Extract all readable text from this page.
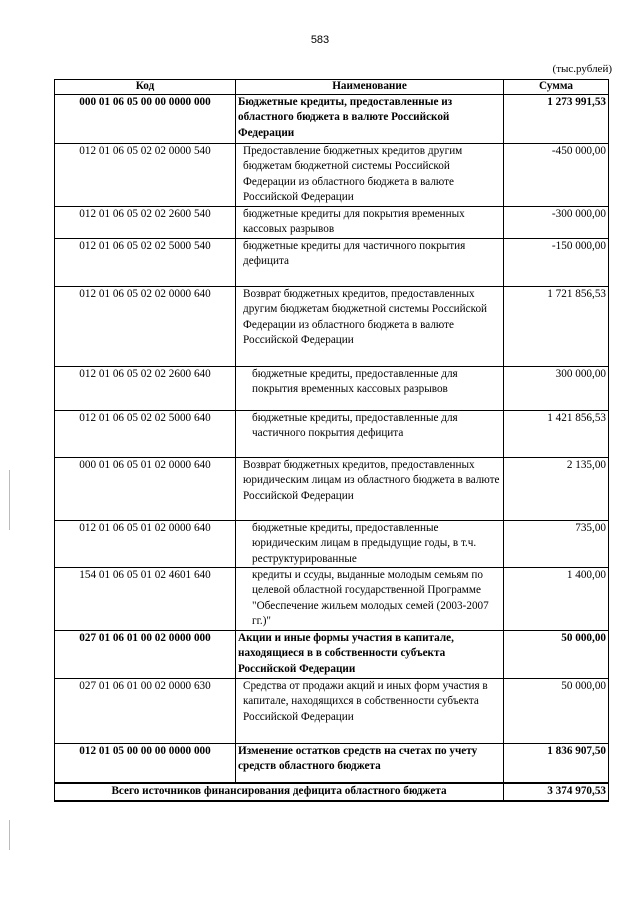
583
(тыс.рублей)
Код	Наименование	Сумма
000 01 06 05 00 00 0000 000	Бюджетные кредиты, предоставленные из областного бюджета в валюте Российской Федерации	1 273 991,53
012 01 06 05 02 02 0000 540	Предоставление бюджетных кредитов другим бюджетам бюджетной системы Российской Федерации из областного бюджета в валюте Российской Федерации	-450 000,00
012 01 06 05 02 02 2600 540	бюджетные кредиты для покрытия временных кассовых разрывов	-300 000,00
012 01 06 05 02 02 5000 540	бюджетные кредиты для частичного покрытия дефицита	-150 000,00
012 01 06 05 02 02 0000 640	Возврат бюджетных кредитов, предоставленных другим бюджетам бюджетной системы Российской Федерации из областного бюджета в валюте Российской Федерации	1 721 856,53
012 01 06 05 02 02 2600 640	бюджетные кредиты, предоставленные для покрытия временных кассовых разрывов	300 000,00
012 01 06 05 02 02 5000 640	бюджетные кредиты, предоставленные для частичного покрытия дефицита	1 421 856,53
000 01 06 05 01 02 0000 640	Возврат бюджетных кредитов, предоставленных юридическим лицам из областного бюджета в валюте Российской Федерации	2 135,00
012 01 06 05 01 02 0000 640	бюджетные кредиты, предоставленные юридическим лицам в предыдущие годы, в т.ч. реструктурированные	735,00
154 01 06 05 01 02 4601 640	кредиты и ссуды, выданные молодым семьям по целевой областной государственной Программе "Обеспечение жильем молодых семей (2003-2007 гг.)"	1 400,00
027 01 06 01 00 02 0000 000	Акции и иные формы участия в капитале, находящиеся в в собственности субъекта Российской Федерации	50 000,00
027 01 06 01 00 02 0000 630	Средства от продажи акций и иных форм участия в капитале, находящихся в собственности субъекта Российской Федерации	50 000,00
012 01 05 00 00 00 0000 000	Изменение остатков средств на счетах по учету средств областного бюджета	1 836 907,50
Всего источников финансирования дефицита областного бюджета		3 374 970,53
